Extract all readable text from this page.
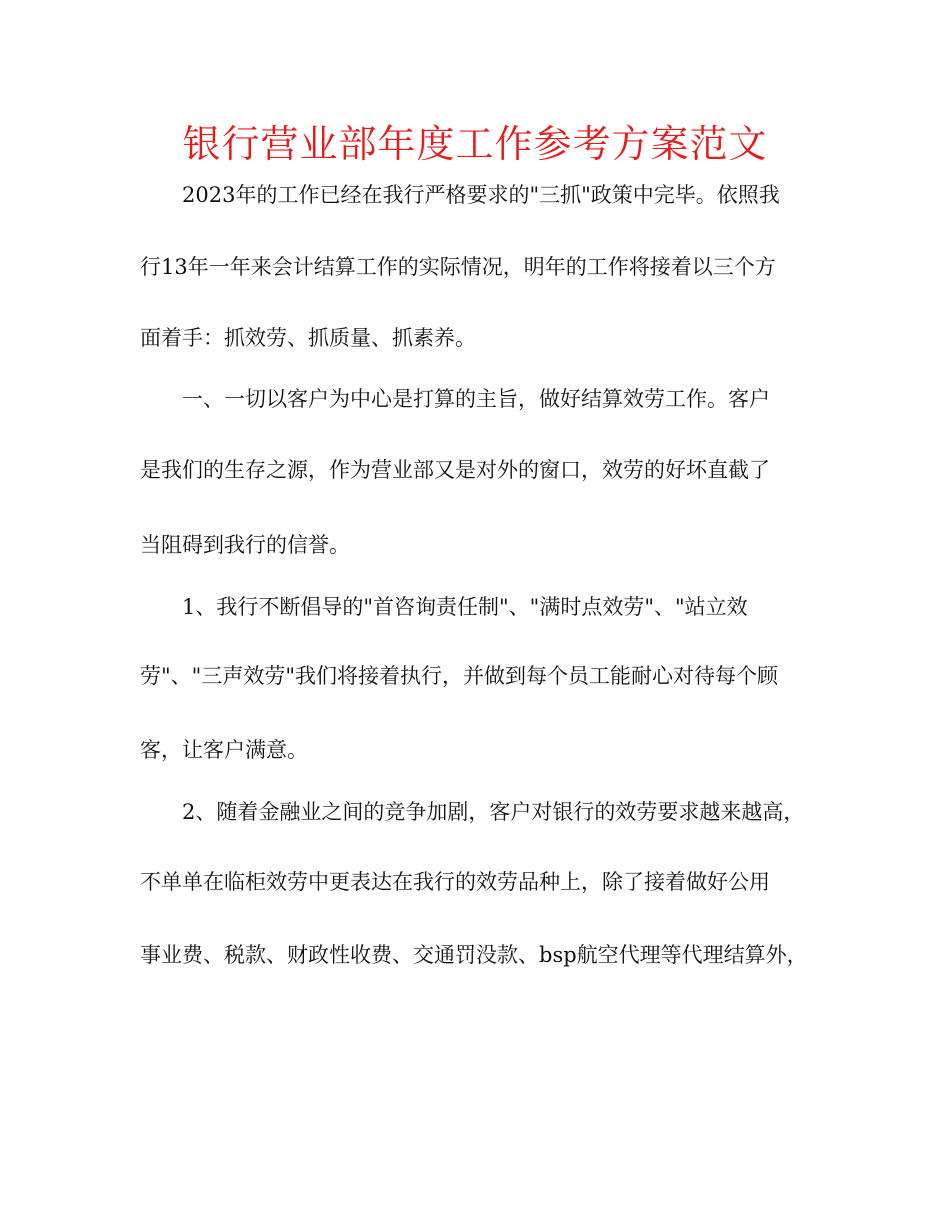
银行营业部年度工作参考方案范文

2023年的工作已经在我行严格要求的"三抓"政策中完毕。依照我

行13年一年来会计结算工作的实际情况，明年的工作将接着以三个方

面着手：抓效劳、抓质量、抓素养。

一、一切以客户为中心是打算的主旨，做好结算效劳工作。客户

是我们的生存之源，作为营业部又是对外的窗口，效劳的好坏直截了

当阻碍到我行的信誉。

1、我行不断倡导的"首咨询责任制"、"满时点效劳"、"站立效

劳"、"三声效劳"我们将接着执行，并做到每个员工能耐心对待每个顾

客，让客户满意。

2、随着金融业之间的竞争加剧，客户对银行的效劳要求越来越高，

不单单在临柜效劳中更表达在我行的效劳品种上，除了接着做好公用

事业费、税款、财政性收费、交通罚没款、bsp航空代理等代理结算外，
